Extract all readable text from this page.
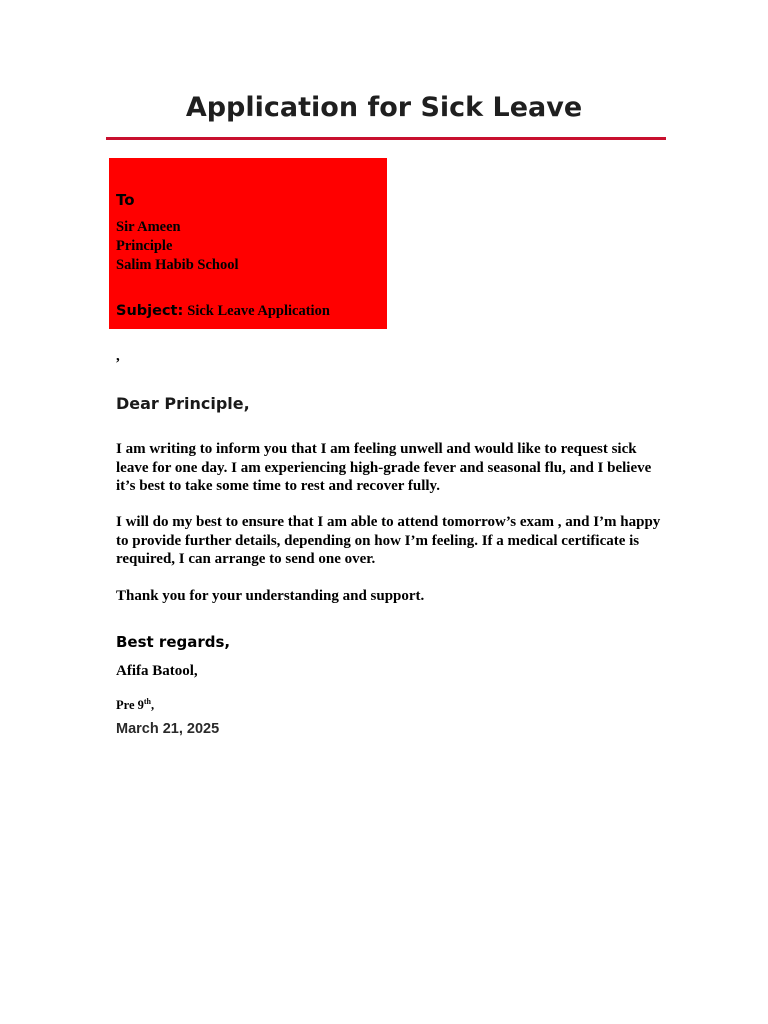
Application for Sick Leave
To
Sir Ameen
Principle
Salim Habib School
Subject: Sick Leave Application
,
Dear Principle,

I am writing to inform you that I am feeling unwell and would like to request sick leave for one day. I am experiencing high-grade fever and seasonal flu, and I believe it’s best to take some time to rest and recover fully.

I will do my best to ensure that I am able to attend tomorrow’s exam , and I’m happy to provide further details, depending on how I’m feeling. If a medical certificate is required, I can arrange to send one over.

Thank you for your understanding and support.

Best regards,
Afifa Batool,
Pre 9th,
March 21, 2025
